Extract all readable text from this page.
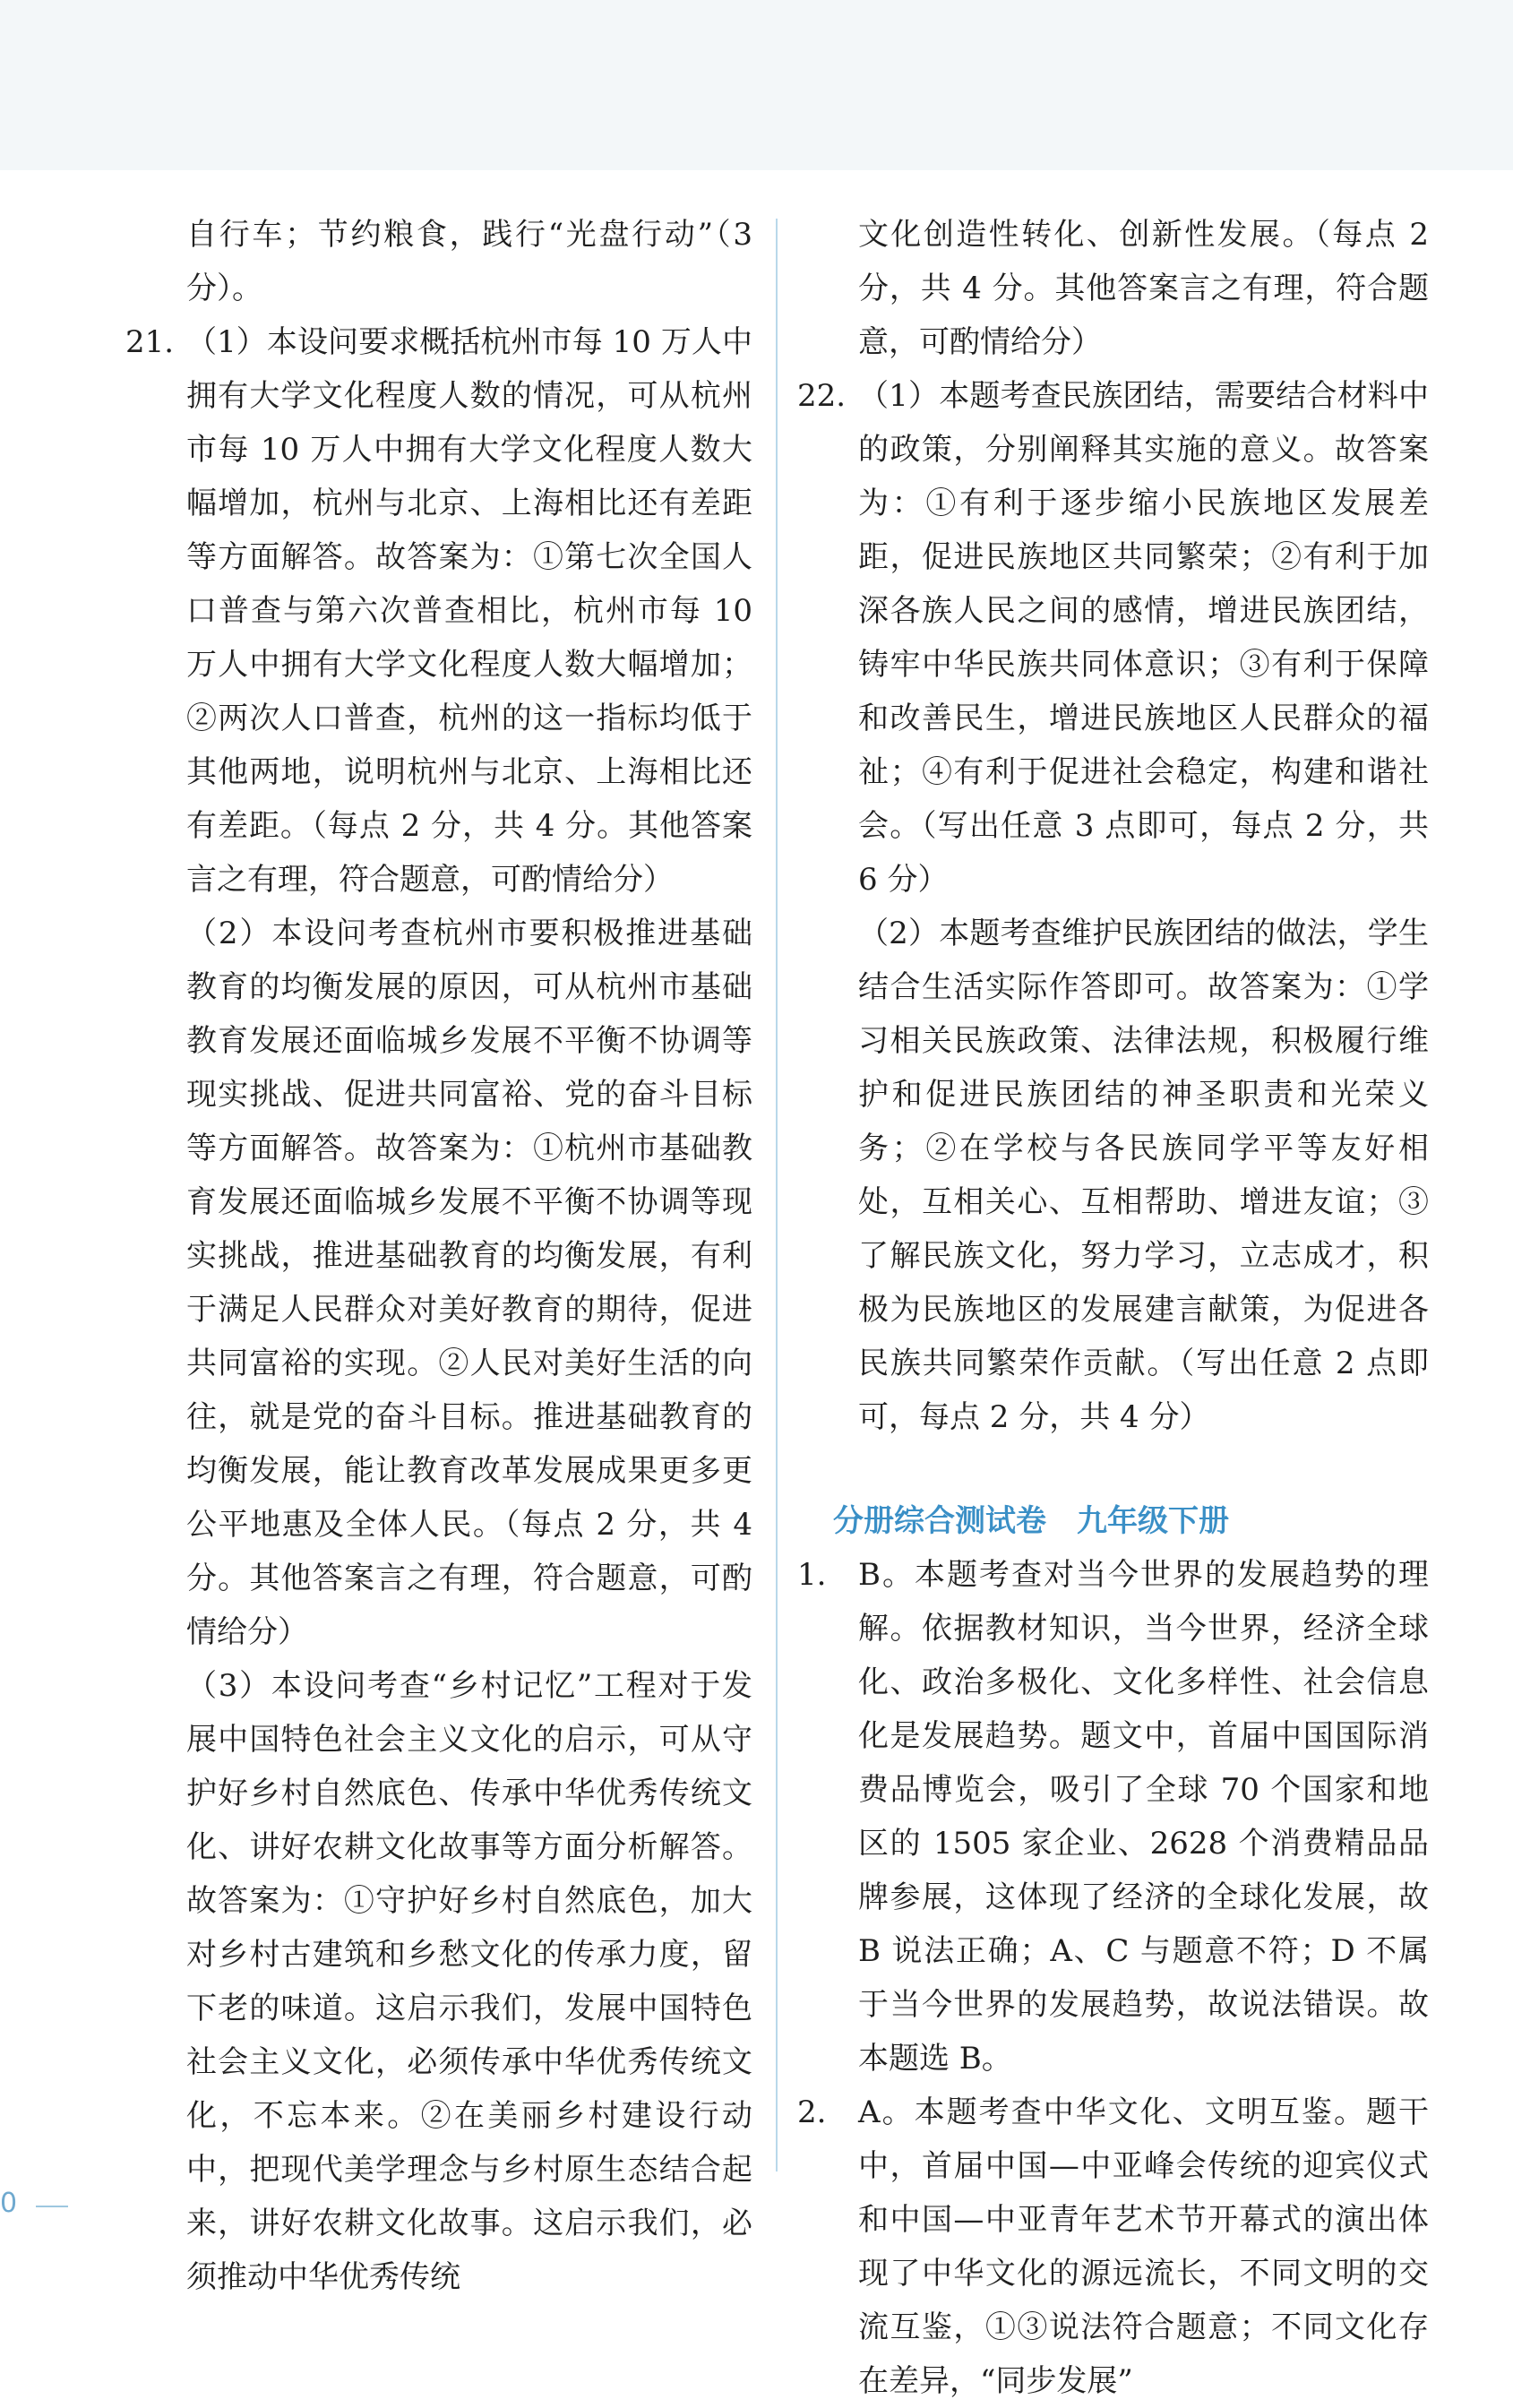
自行车；节约粮食，践行“光盘行动”（3分）。

21. （1）本设问要求概括杭州市每 10 万人中拥有大学文化程度人数的情况，可从杭州市每 10 万人中拥有大学文化程度人数大幅增加，杭州与北京、上海相比还有差距等方面解答。故答案为：①第七次全国人口普查与第六次普查相比，杭州市每 10 万人中拥有大学文化程度人数大幅增加；②两次人口普查，杭州的这一指标均低于其他两地，说明杭州与北京、上海相比还有差距。（每点 2 分，共 4 分。其他答案言之有理，符合题意，可酌情给分）

（2）本设问考查杭州市要积极推进基础教育的均衡发展的原因，可从杭州市基础教育发展还面临城乡发展不平衡不协调等现实挑战、促进共同富裕、党的奋斗目标等方面解答。故答案为：①杭州市基础教育发展还面临城乡发展不平衡不协调等现实挑战，推进基础教育的均衡发展，有利于满足人民群众对美好教育的期待，促进共同富裕的实现。②人民对美好生活的向往，就是党的奋斗目标。推进基础教育的均衡发展，能让教育改革发展成果更多更公平地惠及全体人民。（每点 2 分，共 4 分。其他答案言之有理，符合题意，可酌情给分）

（3）本设问考查“乡村记忆”工程对于发展中国特色社会主义文化的启示，可从守护好乡村自然底色、传承中华优秀传统文化、讲好农耕文化故事等方面分析解答。故答案为：①守护好乡村自然底色，加大对乡村古建筑和乡愁文化的传承力度，留下老的味道。这启示我们，发展中国特色社会主义文化，必须传承中华优秀传统文化，不忘本来。②在美丽乡村建设行动中，把现代美学理念与乡村原生态结合起来，讲好农耕文化故事。这启示我们，必须推动中华优秀传统

文化创造性转化、创新性发展。（每点 2 分，共 4 分。其他答案言之有理，符合题意，可酌情给分）

22. （1）本题考查民族团结，需要结合材料中的政策，分别阐释其实施的意义。故答案为：①有利于逐步缩小民族地区发展差距，促进民族地区共同繁荣；②有利于加深各族人民之间的感情，增进民族团结，铸牢中华民族共同体意识；③有利于保障和改善民生，增进民族地区人民群众的福祉；④有利于促进社会稳定，构建和谐社会。（写出任意 3 点即可，每点 2 分，共 6 分）

（2）本题考查维护民族团结的做法，学生结合生活实际作答即可。故答案为：①学习相关民族政策、法律法规，积极履行维护和促进民族团结的神圣职责和光荣义务；②在学校与各民族同学平等友好相处，互相关心、互相帮助、增进友谊；③了解民族文化，努力学习，立志成才，积极为民族地区的发展建言献策，为促进各民族共同繁荣作贡献。（写出任意 2 点即可，每点 2 分，共 4 分）

分册综合测试卷　九年级下册

1. B。本题考查对当今世界的发展趋势的理解。依据教材知识，当今世界，经济全球化、政治多极化、文化多样性、社会信息化是发展趋势。题文中，首届中国国际消费品博览会，吸引了全球 70 个国家和地区的 1505 家企业、2628 个消费精品品牌参展，这体现了经济的全球化发展，故 B 说法正确；A、C 与题意不符；D 不属于当今世界的发展趋势，故说法错误。故本题选 B。

2. A。本题考查中华文化、文明互鉴。题干中，首届中国—中亚峰会传统的迎宾仪式和中国—中亚青年艺术节开幕式的演出体现了中华文化的源远流长，不同文明的交流互鉴，①③说法符合题意；不同文化存在差异，“同步发展”

0
